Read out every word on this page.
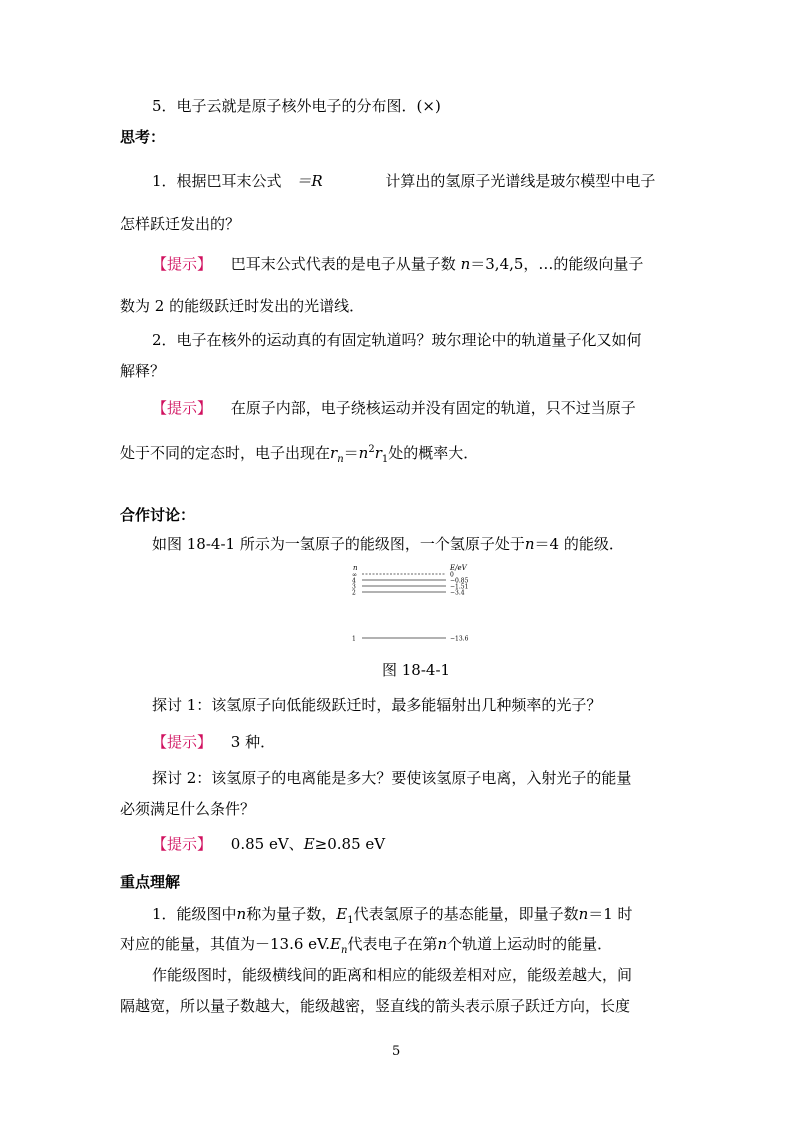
5．电子云就是原子核外电子的分布图．(×)
思考：
1．根据巴耳末公式 ＝R	计算出的氢原子光谱线是玻尔模型中电子
怎样跃迁发出的？
【提示】 巴耳末公式代表的是电子从量子数 n＝3,4,5，…的能级向量子
数为 2 的能级跃迁时发出的光谱线．
2．电子在核外的运动真的有固定轨道吗？玻尔理论中的轨道量子化又如何
解释？
【提示】 在原子内部，电子绕核运动并没有固定的轨道，只不过当原子
处于不同的定态时，电子出现在$r_n=n^2r_1$处的概率大．
合作讨论：
如图 18-4-1 所示为一氢原子的能级图，一个氢原子处于n＝4 的能级．
n	E/eV
∞	0
4	−0.85
3	−1.51
2	−3.4
1	−13.6
图 18-4-1
探讨 1：该氢原子向低能级跃迁时，最多能辐射出几种频率的光子？
【提示】 3 种．
探讨 2：该氢原子的电离能是多大？要使该氢原子电离，入射光子的能量
必须满足什么条件？
【提示】 0.85 eV、E≥0.85 eV
重点理解
1．能级图中n称为量子数，$E_1$代表氢原子的基态能量，即量子数n＝1 时
对应的能量，其值为－13.6 $eV.E_n$代表电子在第n个轨道上运动时的能量．
作能级图时，能级横线间的距离和相应的能级差相对应，能级差越大，间
隔越宽，所以量子数越大，能级越密，竖直线的箭头表示原子跃迁方向，长度
5
